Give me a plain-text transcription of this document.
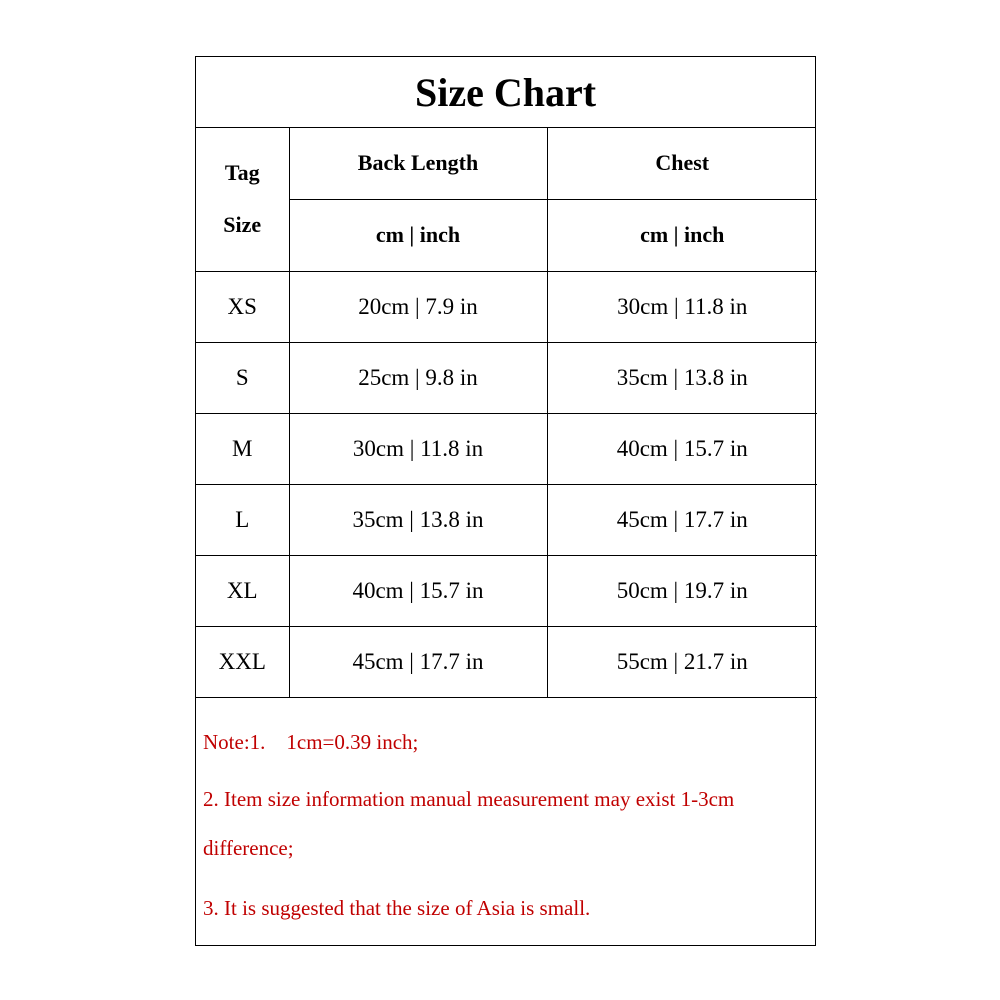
Size Chart
Tag
Size	Back Length	Chest
	cm | inch	cm | inch
XS	20cm | 7.9 in	30cm | 11.8 in
S	25cm | 9.8 in	35cm | 13.8 in
M	30cm | 11.8 in	40cm | 15.7 in
L	35cm | 13.8 in	45cm | 17.7 in
XL	40cm | 15.7 in	50cm | 19.7 in
XXL	45cm | 17.7 in	55cm | 21.7 in
Note:1.    1cm=0.39 inch;
2. Item size information manual measurement may exist 1-3cm
difference;
3. It is suggested that the size of Asia is small.
